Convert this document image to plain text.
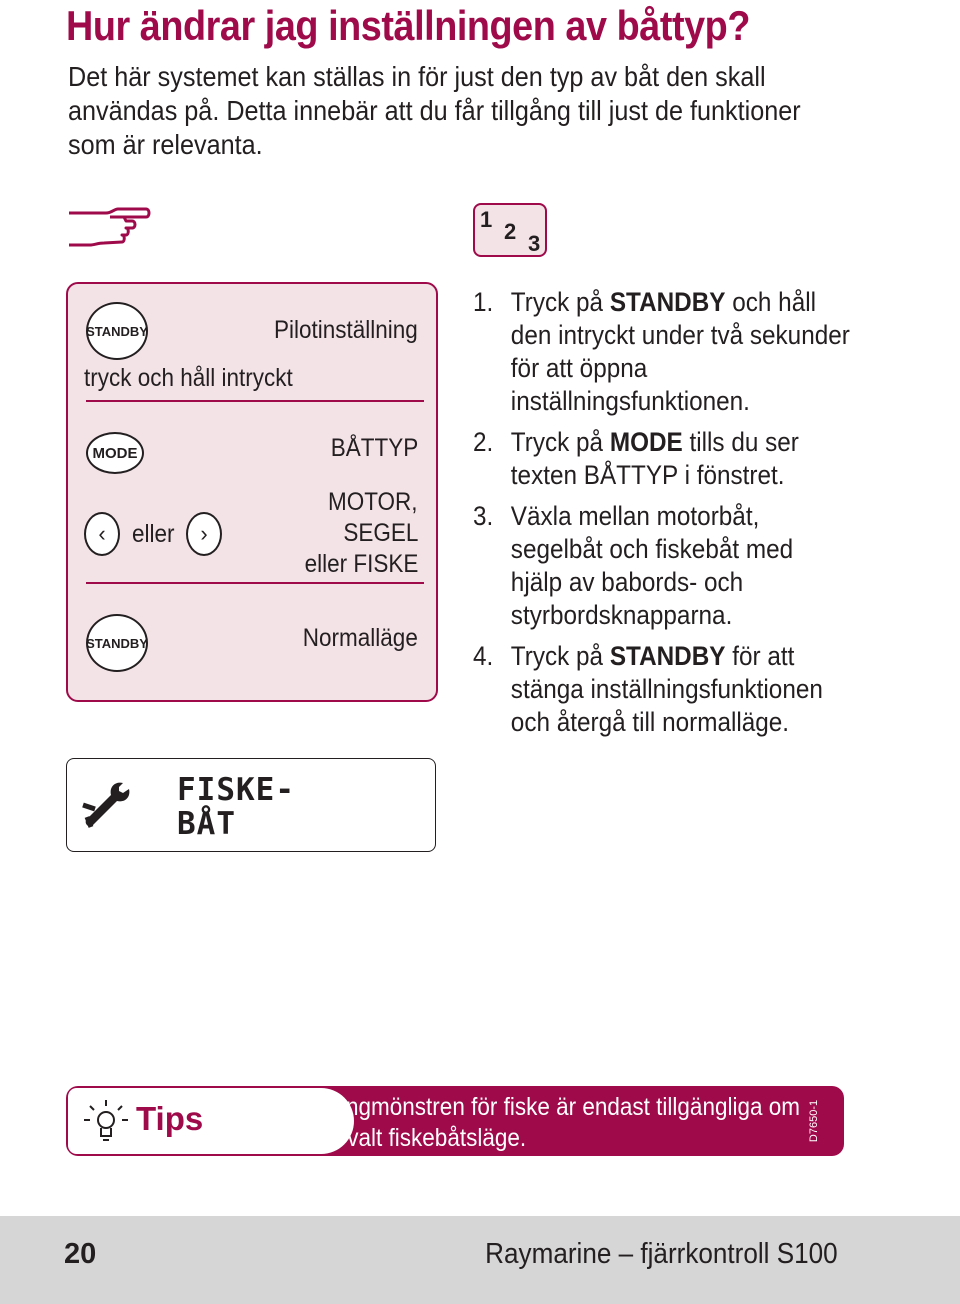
Hur ändrar jag inställningen av båttyp?
Det här systemet kan ställas in för just den typ av båt den skall
användas på. Detta innebär att du får tillgång till just de funktioner
som är relevanta.
1 2 3
STANDBY	Pilotinställning
tryck och håll intryckt
MODE	BÅTTYP
‹ eller ›
MOTOR,
SEGEL
eller FISKE
STANDBY	Normalläge
1. Tryck på STANDBY och håll den intryckt under två sekunder för att öppna inställningsfunktionen.
2. Tryck på MODE tills du ser texten BÅTTYP i fönstret.
3. Växla mellan motorbåt, segelbåt och fiskebåt med hjälp av babords- och styrbordsknapparna.
4. Tryck på STANDBY för att stänga inställningsfunktionen och återgå till normalläge.
FISKE-
BÅT
Tips	Gångmönstren för fiske är endast tillgängliga om
du valt fiskebåtsläge.	D7650-1
20	Raymarine – fjärrkontroll S100
